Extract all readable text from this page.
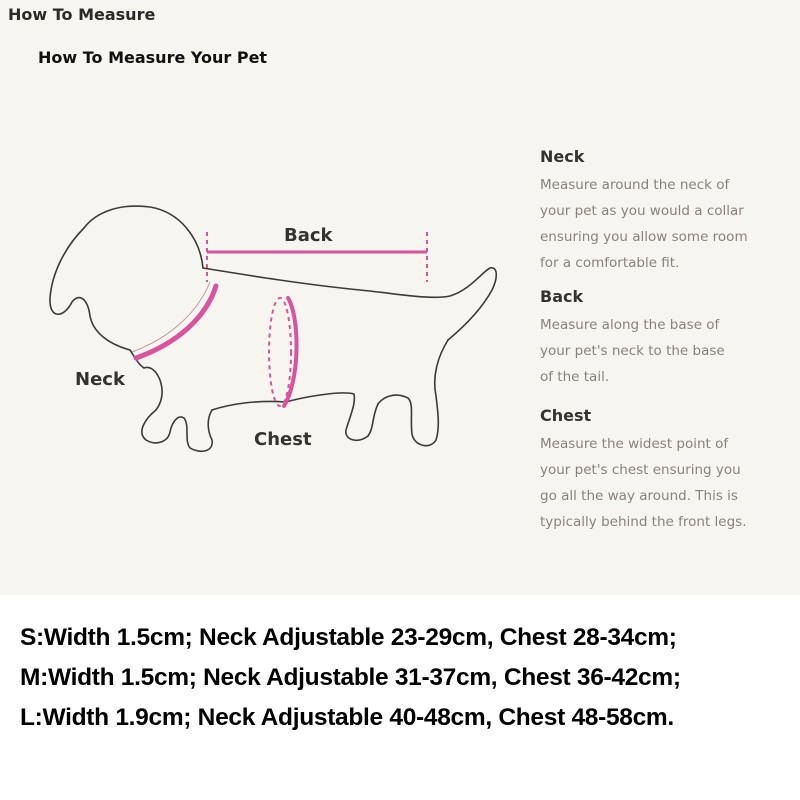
How To Measure
How To Measure Your Pet
Back
Neck
Chest
Neck

Measure around the neck of
your pet as you would a collar
ensuring you allow some room
for a comfortable fit.

Back

Measure along the base of
your pet's neck to the base
of the tail.

Chest

Measure the widest point of
your pet's chest ensuring you
go all the way around. This is
typically behind the front legs.

S:Width 1.5cm; Neck Adjustable 23-29cm, Chest 28-34cm;
M:Width 1.5cm; Neck Adjustable 31-37cm, Chest 36-42cm;
L:Width 1.9cm; Neck Adjustable 40-48cm, Chest 48-58cm.
